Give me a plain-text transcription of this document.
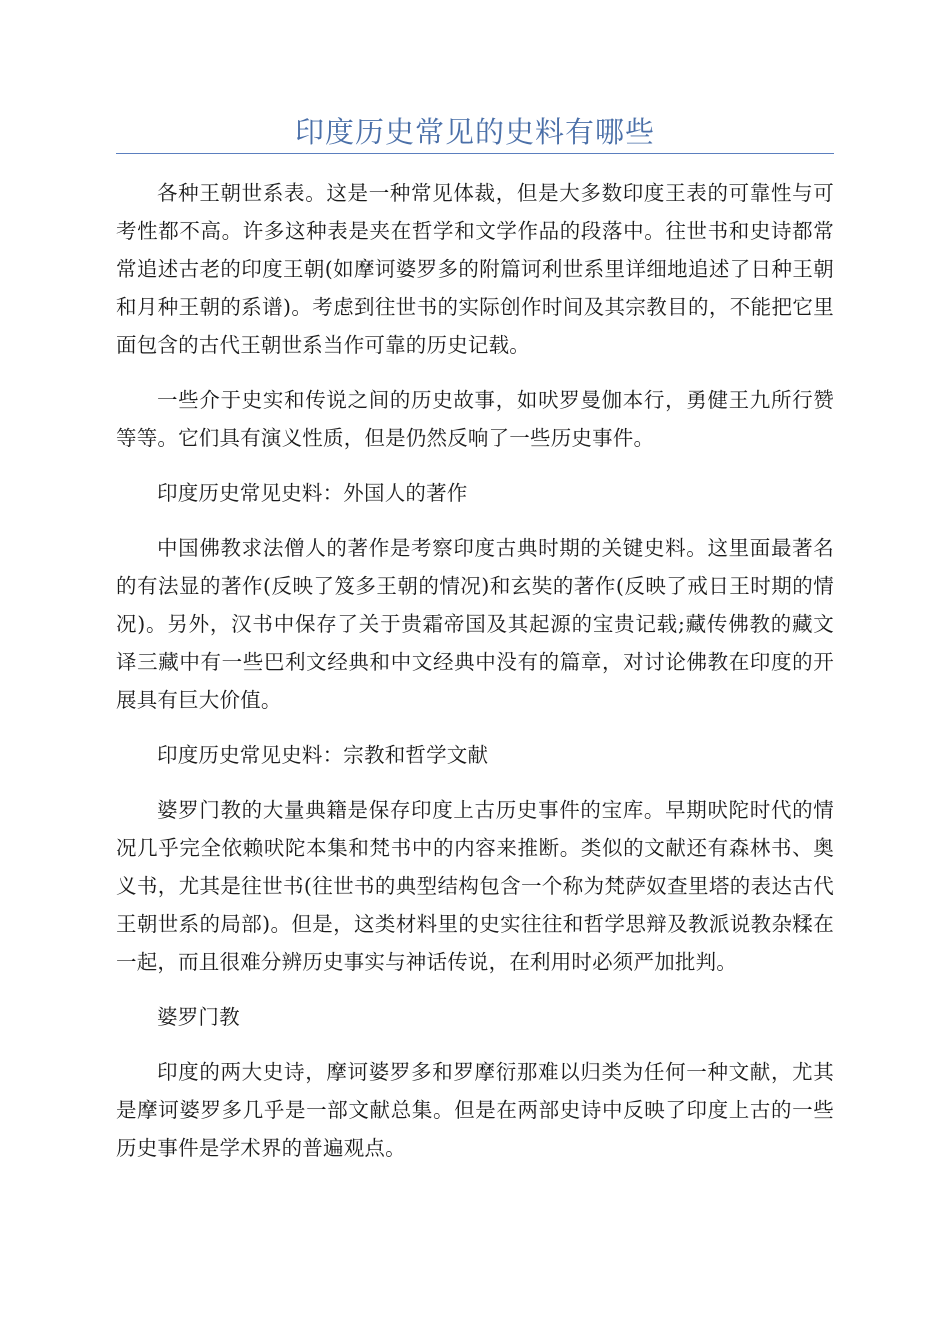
印度历史常见的史料有哪些

各种王朝世系表。这是一种常见体裁，但是大多数印度王表的可靠性与可考性都不高。许多这种表是夹在哲学和文学作品的段落中。往世书和史诗都常常追述古老的印度王朝(如摩诃婆罗多的附篇诃利世系里详细地追述了日种王朝和月种王朝的系谱)。考虑到往世书的实际创作时间及其宗教目的，不能把它里面包含的古代王朝世系当作可靠的历史记载。

一些介于史实和传说之间的历史故事，如吠罗曼伽本行，勇健王九所行赞等等。它们具有演义性质，但是仍然反响了一些历史事件。

印度历史常见史料：外国人的著作

中国佛教求法僧人的著作是考察印度古典时期的关键史料。这里面最著名的有法显的著作(反映了笈多王朝的情况)和玄奘的著作(反映了戒日王时期的情况)。另外，汉书中保存了关于贵霜帝国及其起源的宝贵记载;藏传佛教的藏文译三藏中有一些巴利文经典和中文经典中没有的篇章，对讨论佛教在印度的开展具有巨大价值。

印度历史常见史料：宗教和哲学文献

婆罗门教的大量典籍是保存印度上古历史事件的宝库。早期吠陀时代的情况几乎完全依赖吠陀本集和梵书中的内容来推断。类似的文献还有森林书、奥义书，尤其是往世书(往世书的典型结构包含一个称为梵萨奴查里塔的表达古代王朝世系的局部)。但是，这类材料里的史实往往和哲学思辩及教派说教杂糅在一起，而且很难分辨历史事实与神话传说，在利用时必须严加批判。

婆罗门教

印度的两大史诗，摩诃婆罗多和罗摩衍那难以归类为任何一种文献，尤其是摩诃婆罗多几乎是一部文献总集。但是在两部史诗中反映了印度上古的一些历史事件是学术界的普遍观点。
